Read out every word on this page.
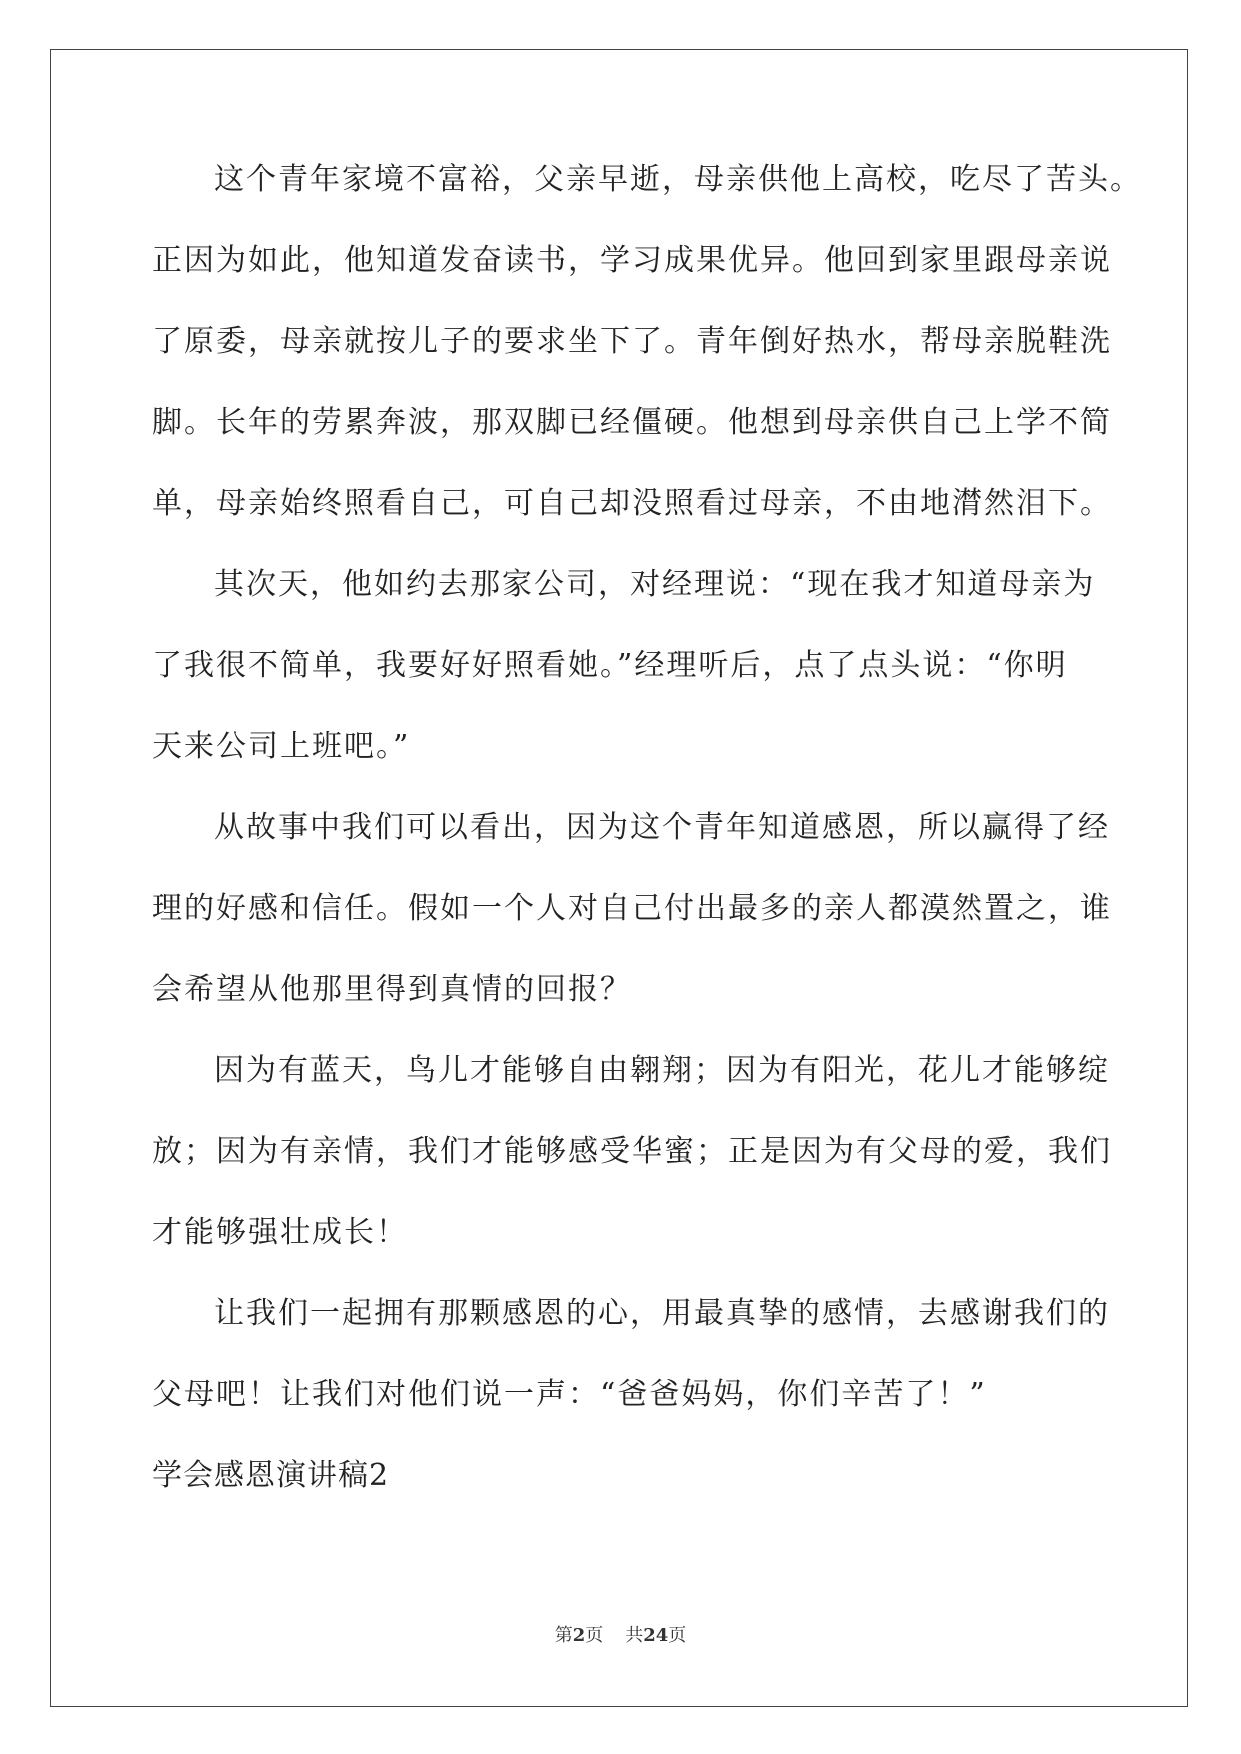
这个青年家境不富裕，父亲早逝，母亲供他上高校，吃尽了苦头。
正因为如此，他知道发奋读书，学习成果优异。他回到家里跟母亲说
了原委，母亲就按儿子的要求坐下了。青年倒好热水，帮母亲脱鞋洗
脚。长年的劳累奔波，那双脚已经僵硬。他想到母亲供自己上学不简
单，母亲始终照看自己，可自己却没照看过母亲，不由地潸然泪下。
其次天，他如约去那家公司，对经理说：“现在我才知道母亲为
了我很不简单，我要好好照看她。”经理听后，点了点头说：“你明
天来公司上班吧。”
从故事中我们可以看出，因为这个青年知道感恩，所以赢得了经
理的好感和信任。假如一个人对自己付出最多的亲人都漠然置之，谁
会希望从他那里得到真情的回报？
因为有蓝天，鸟儿才能够自由翱翔；因为有阳光，花儿才能够绽
放；因为有亲情，我们才能够感受华蜜；正是因为有父母的爱，我们
才能够强壮成长！
让我们一起拥有那颗感恩的心，用最真挚的感情，去感谢我们的
父母吧！让我们对他们说一声：“爸爸妈妈，你们辛苦了！”
学会感恩演讲稿2
第2页 共24页
